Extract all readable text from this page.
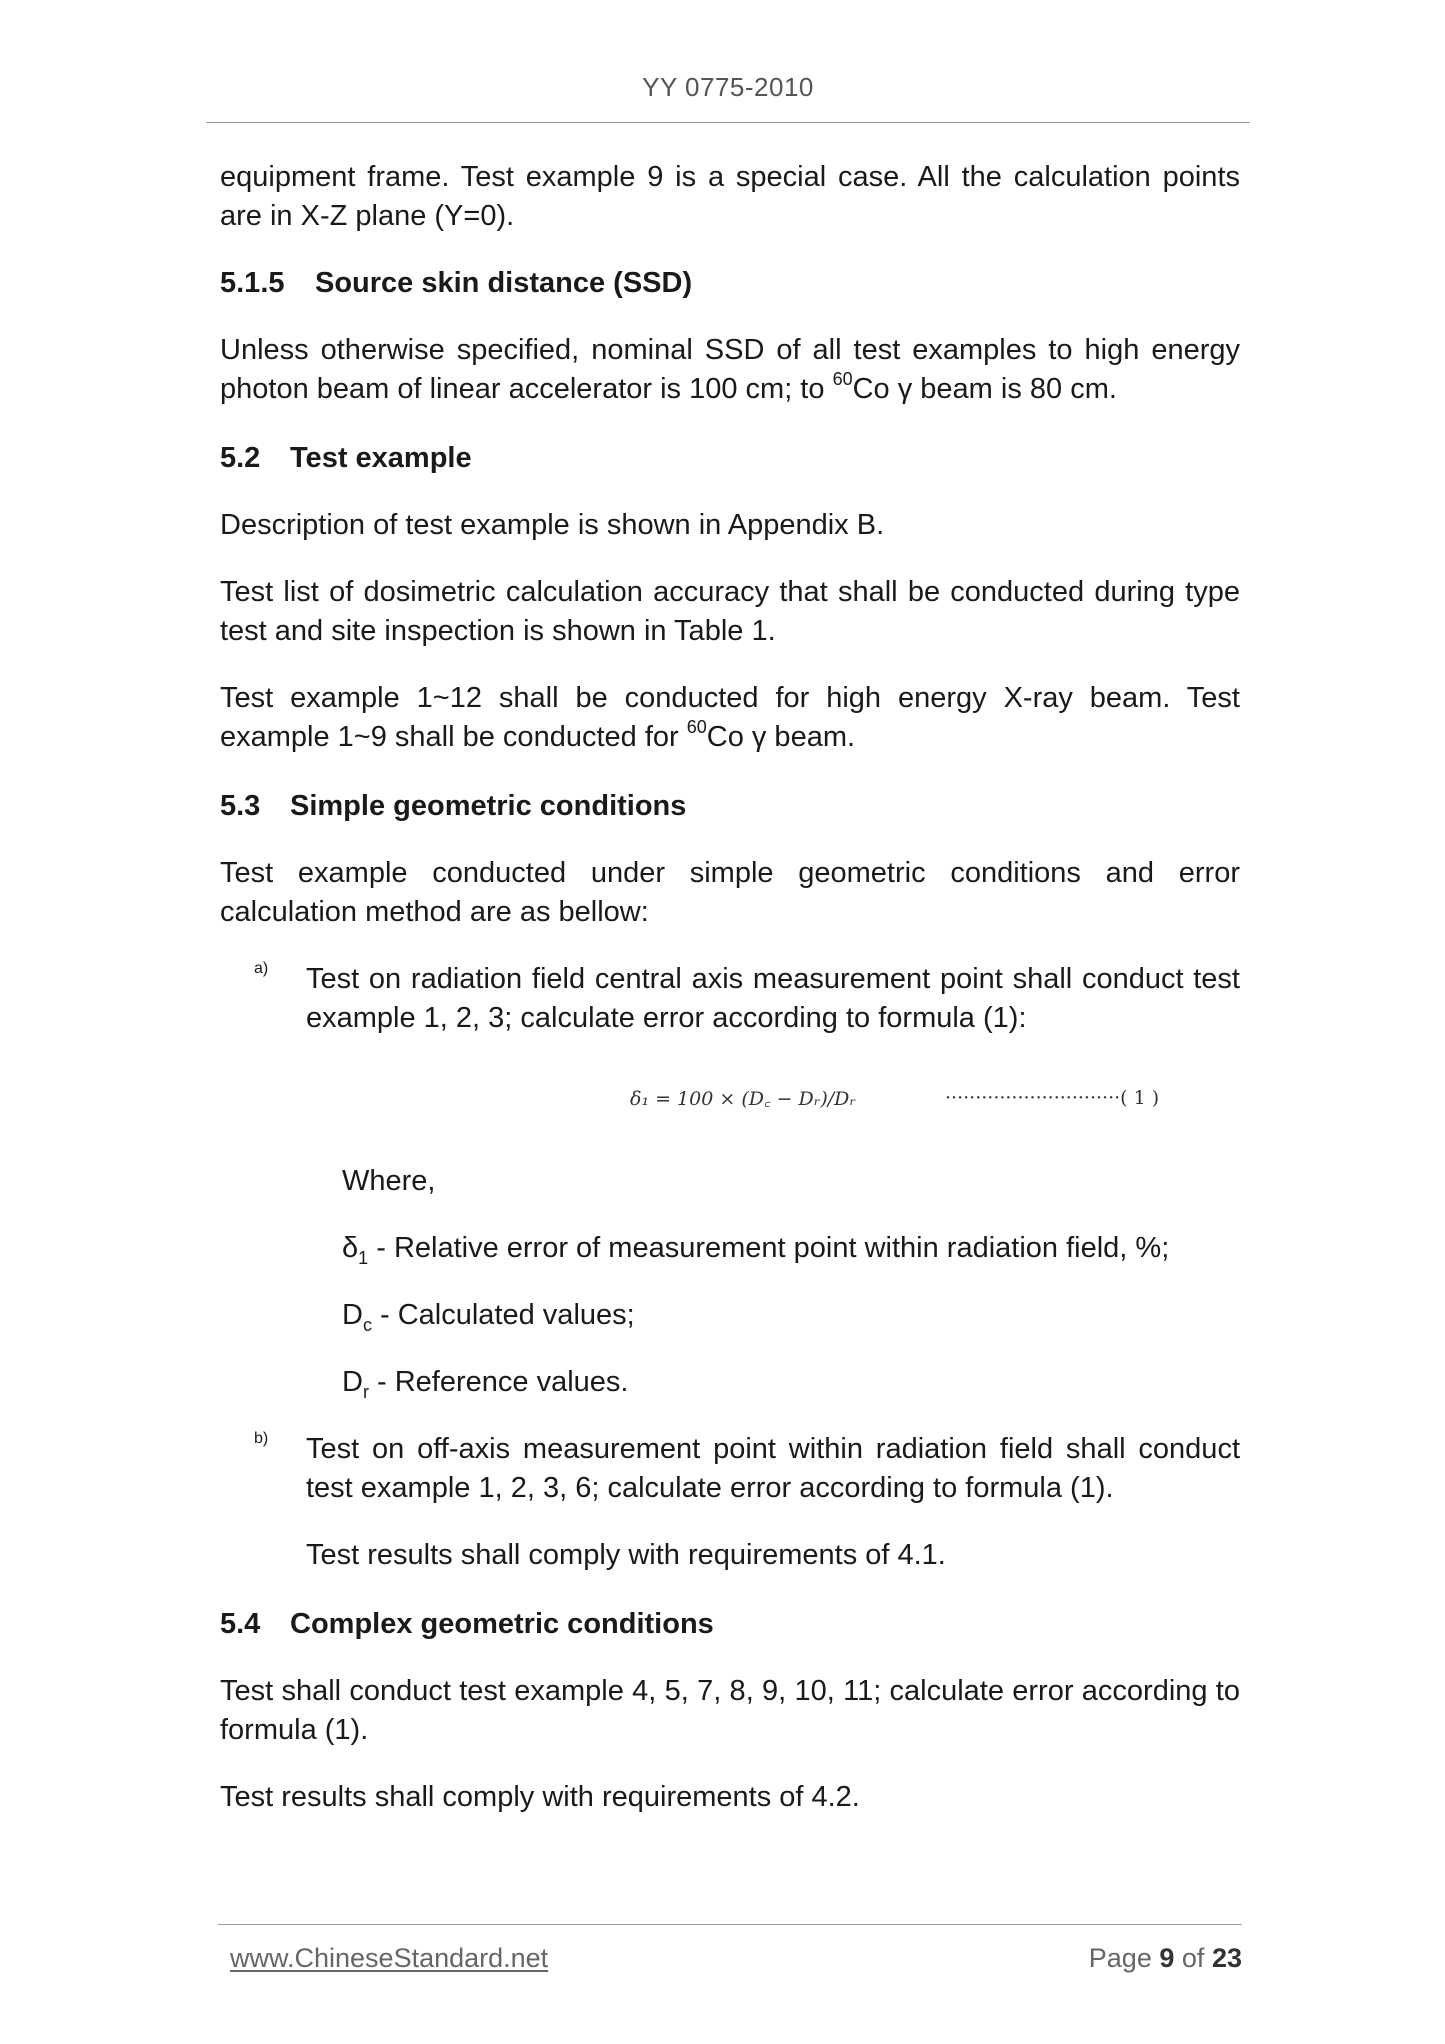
YY 0775-2010

equipment frame. Test example 9 is a special case. All the calculation points are in X-Z plane (Y=0).

5.1.5	Source skin distance (SSD)

Unless otherwise specified, nominal SSD of all test examples to high energy photon beam of linear accelerator is 100 cm; to $^{60}$Co γ beam is 80 cm.

5.2	Test example

Description of test example is shown in Appendix B.

Test list of dosimetric calculation accuracy that shall be conducted during type test and site inspection is shown in Table 1.

Test example 1~12 shall be conducted for high energy X-ray beam. Test example 1~9 shall be conducted for $^{60}$Co γ beam.

5.3	Simple geometric conditions

Test example conducted under simple geometric conditions and error calculation method are as bellow:

a)	Test on radiation field central axis measurement point shall conduct test example 1, 2, 3; calculate error according to formula (1):

δ₁ = 100 × (D꜀ − Dᵣ)/Dᵣ	····························· ( 1 )

Where,

$\delta_1$ - Relative error of measurement point within radiation field, %;

$D_c$ - Calculated values;

$D_r$ - Reference values.

b)	Test on off-axis measurement point within radiation field shall conduct test example 1, 2, 3, 6; calculate error according to formula (1).

Test results shall comply with requirements of 4.1.

5.4	Complex geometric conditions

Test shall conduct test example 4, 5, 7, 8, 9, 10, 11; calculate error according to formula (1).

Test results shall comply with requirements of 4.2.

www.ChineseStandard.net	Page 9 of 23
